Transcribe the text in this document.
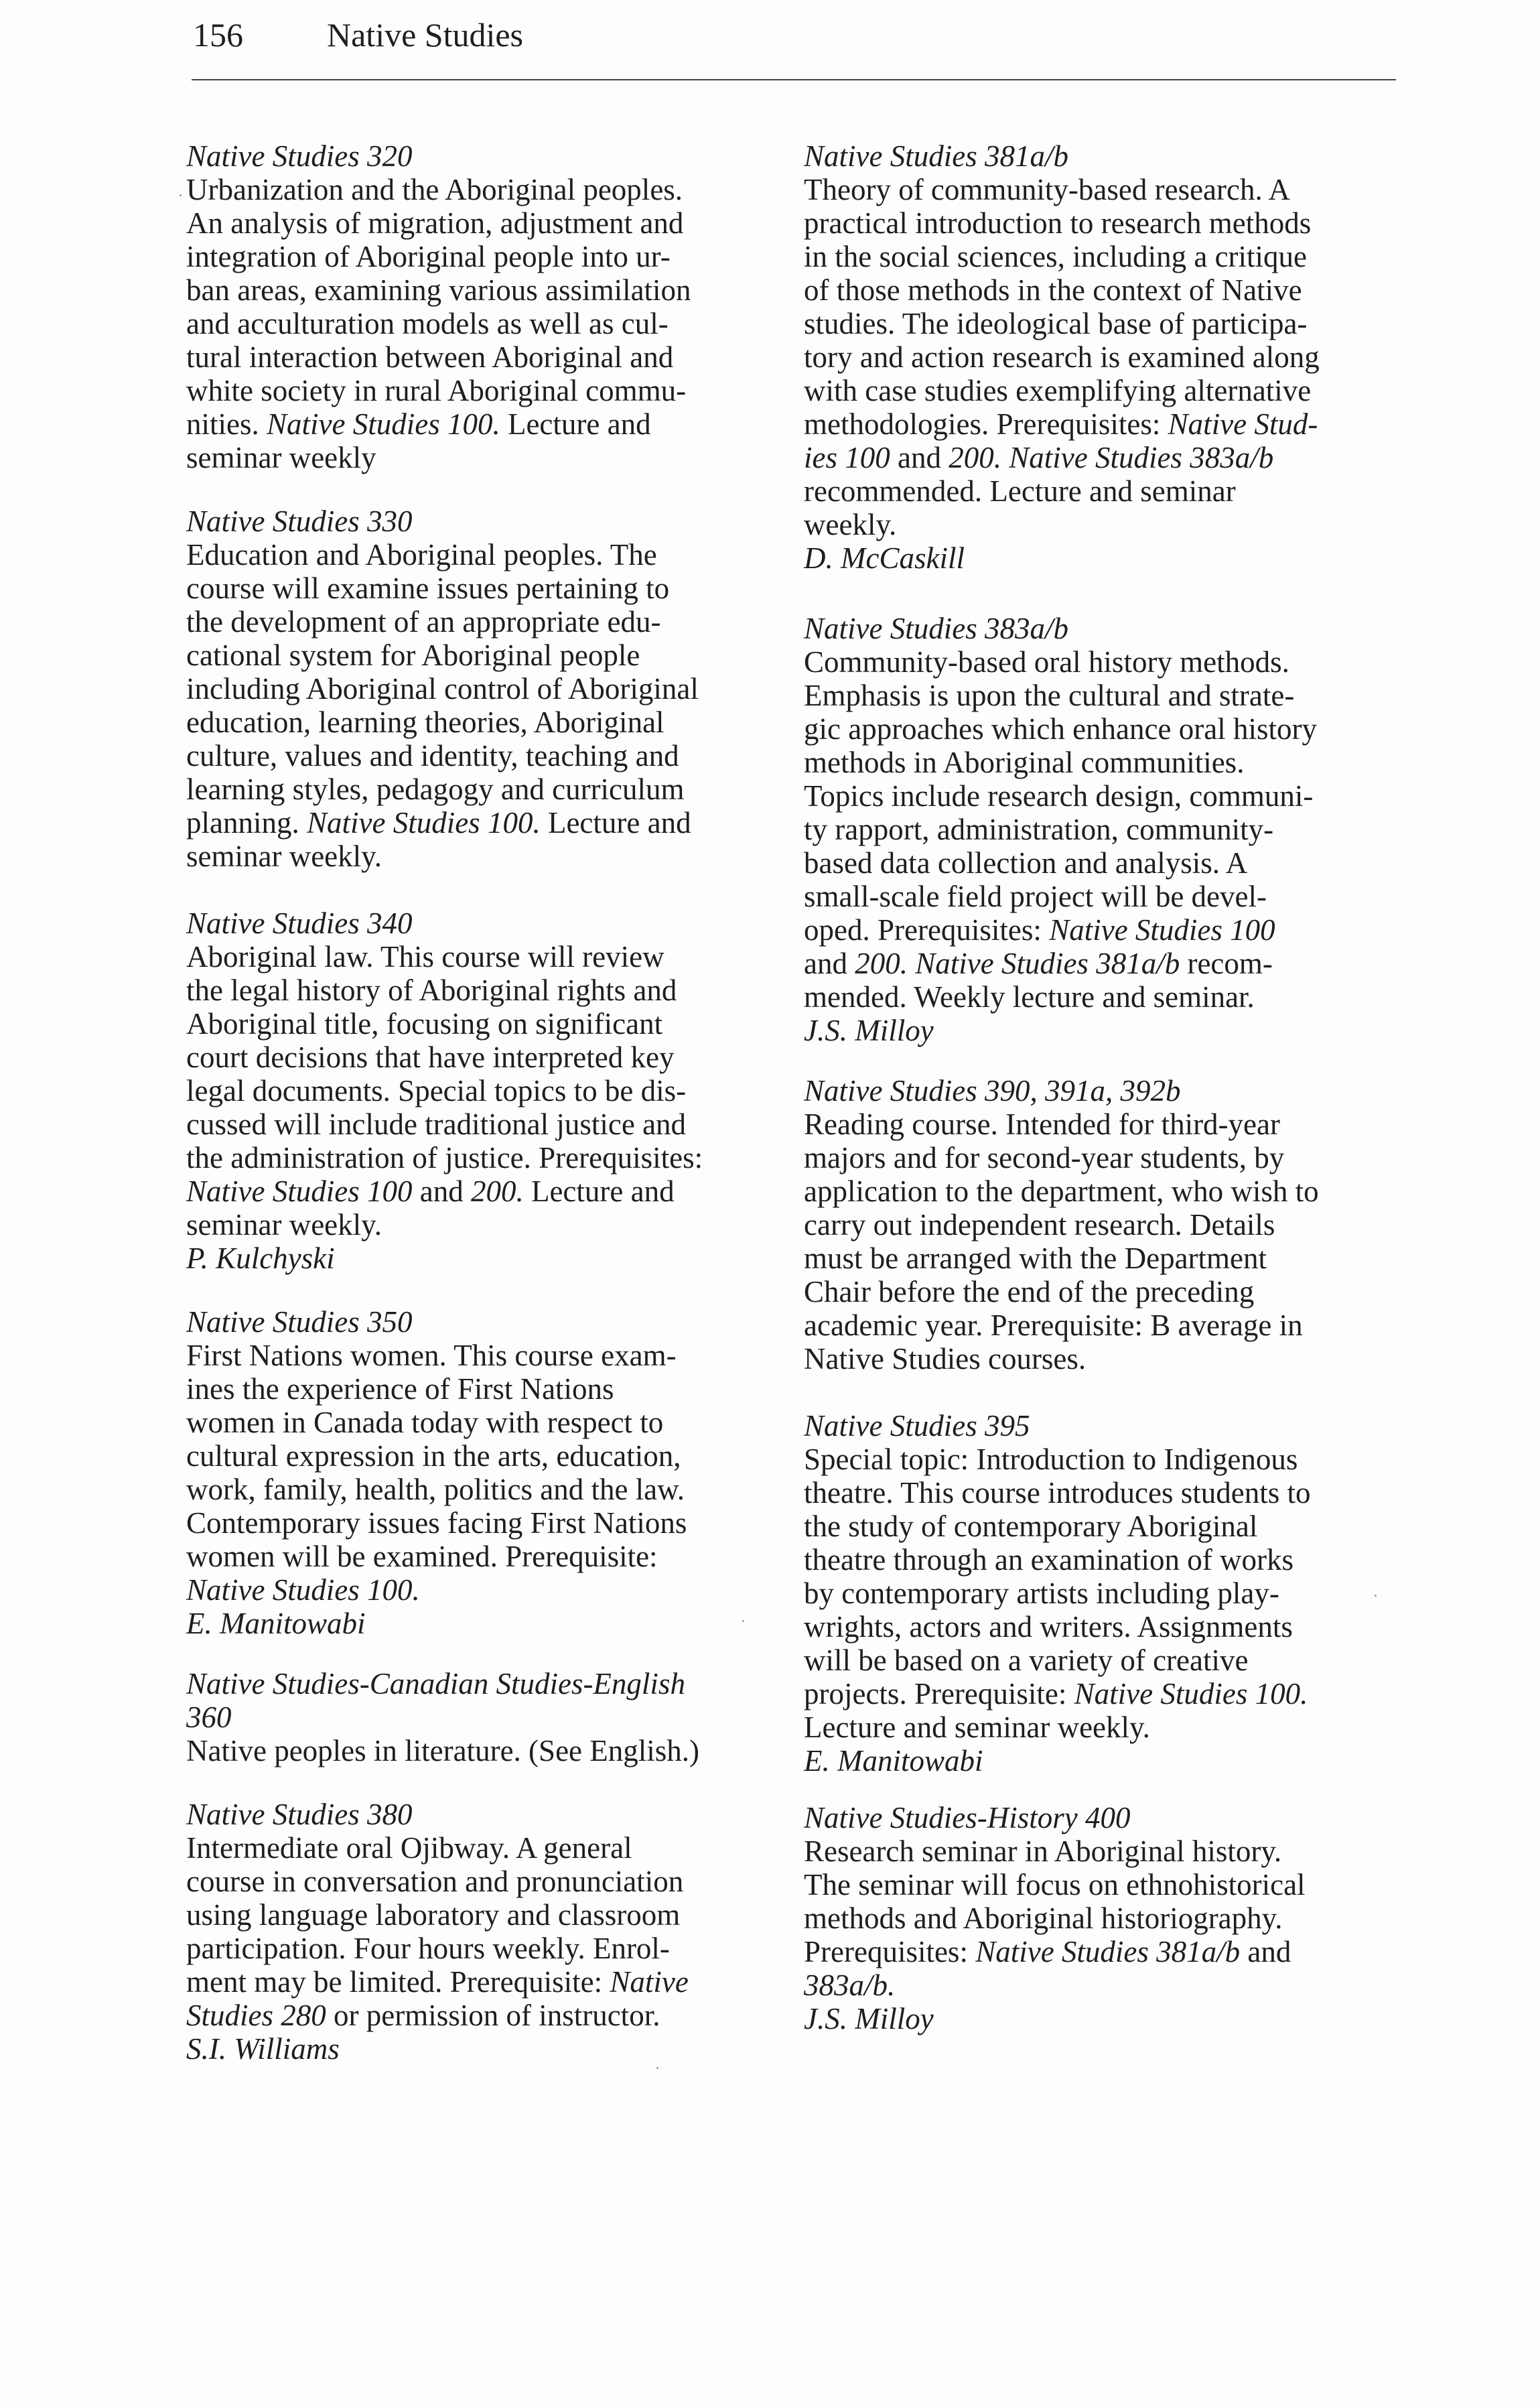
156	Native Studies
Native Studies 320
Urbanization and the Aboriginal peoples.
An analysis of migration, adjustment and
integration of Aboriginal people into ur-
ban areas, examining various assimilation
and acculturation models as well as cul-
tural interaction between Aboriginal and
white society in rural Aboriginal commu-
nities. Native Studies 100. Lecture and
seminar weekly
Native Studies 330
Education and Aboriginal peoples. The
course will examine issues pertaining to
the development of an appropriate edu-
cational system for Aboriginal people
including Aboriginal control of Aboriginal
education, learning theories, Aboriginal
culture, values and identity, teaching and
learning styles, pedagogy and curriculum
planning. Native Studies 100. Lecture and
seminar weekly.
Native Studies 340
Aboriginal law. This course will review
the legal history of Aboriginal rights and
Aboriginal title, focusing on significant
court decisions that have interpreted key
legal documents. Special topics to be dis-
cussed will include traditional justice and
the administration of justice. Prerequisites:
Native Studies 100 and 200. Lecture and
seminar weekly.
P. Kulchyski
Native Studies 350
First Nations women. This course exam-
ines the experience of First Nations
women in Canada today with respect to
cultural expression in the arts, education,
work, family, health, politics and the law.
Contemporary issues facing First Nations
women will be examined. Prerequisite:
Native Studies 100.
E. Manitowabi
Native Studies-Canadian Studies-English
360
Native peoples in literature. (See English.)
Native Studies 380
Intermediate oral Ojibway. A general
course in conversation and pronunciation
using language laboratory and classroom
participation. Four hours weekly. Enrol-
ment may be limited. Prerequisite: Native
Studies 280 or permission of instructor.
S.I. Williams
Native Studies 381a/b
Theory of community-based research. A
practical introduction to research methods
in the social sciences, including a critique
of those methods in the context of Native
studies. The ideological base of participa-
tory and action research is examined along
with case studies exemplifying alternative
methodologies. Prerequisites: Native Stud-
ies 100 and 200. Native Studies 383a/b
recommended. Lecture and seminar
weekly.
D. McCaskill
Native Studies 383a/b
Community-based oral history methods.
Emphasis is upon the cultural and strate-
gic approaches which enhance oral history
methods in Aboriginal communities.
Topics include research design, communi-
ty rapport, administration, community-
based data collection and analysis. A
small-scale field project will be devel-
oped. Prerequisites: Native Studies 100
and 200. Native Studies 381a/b recom-
mended. Weekly lecture and seminar.
J.S. Milloy
Native Studies 390, 391a, 392b
Reading course. Intended for third-year
majors and for second-year students, by
application to the department, who wish to
carry out independent research. Details
must be arranged with the Department
Chair before the end of the preceding
academic year. Prerequisite: B average in
Native Studies courses.
Native Studies 395
Special topic: Introduction to Indigenous
theatre. This course introduces students to
the study of contemporary Aboriginal
theatre through an examination of works
by contemporary artists including play-
wrights, actors and writers. Assignments
will be based on a variety of creative
projects. Prerequisite: Native Studies 100.
Lecture and seminar weekly.
E. Manitowabi
Native Studies-History 400
Research seminar in Aboriginal history.
The seminar will focus on ethnohistorical
methods and Aboriginal historiography.
Prerequisites: Native Studies 381a/b and
383a/b.
J.S. Milloy
